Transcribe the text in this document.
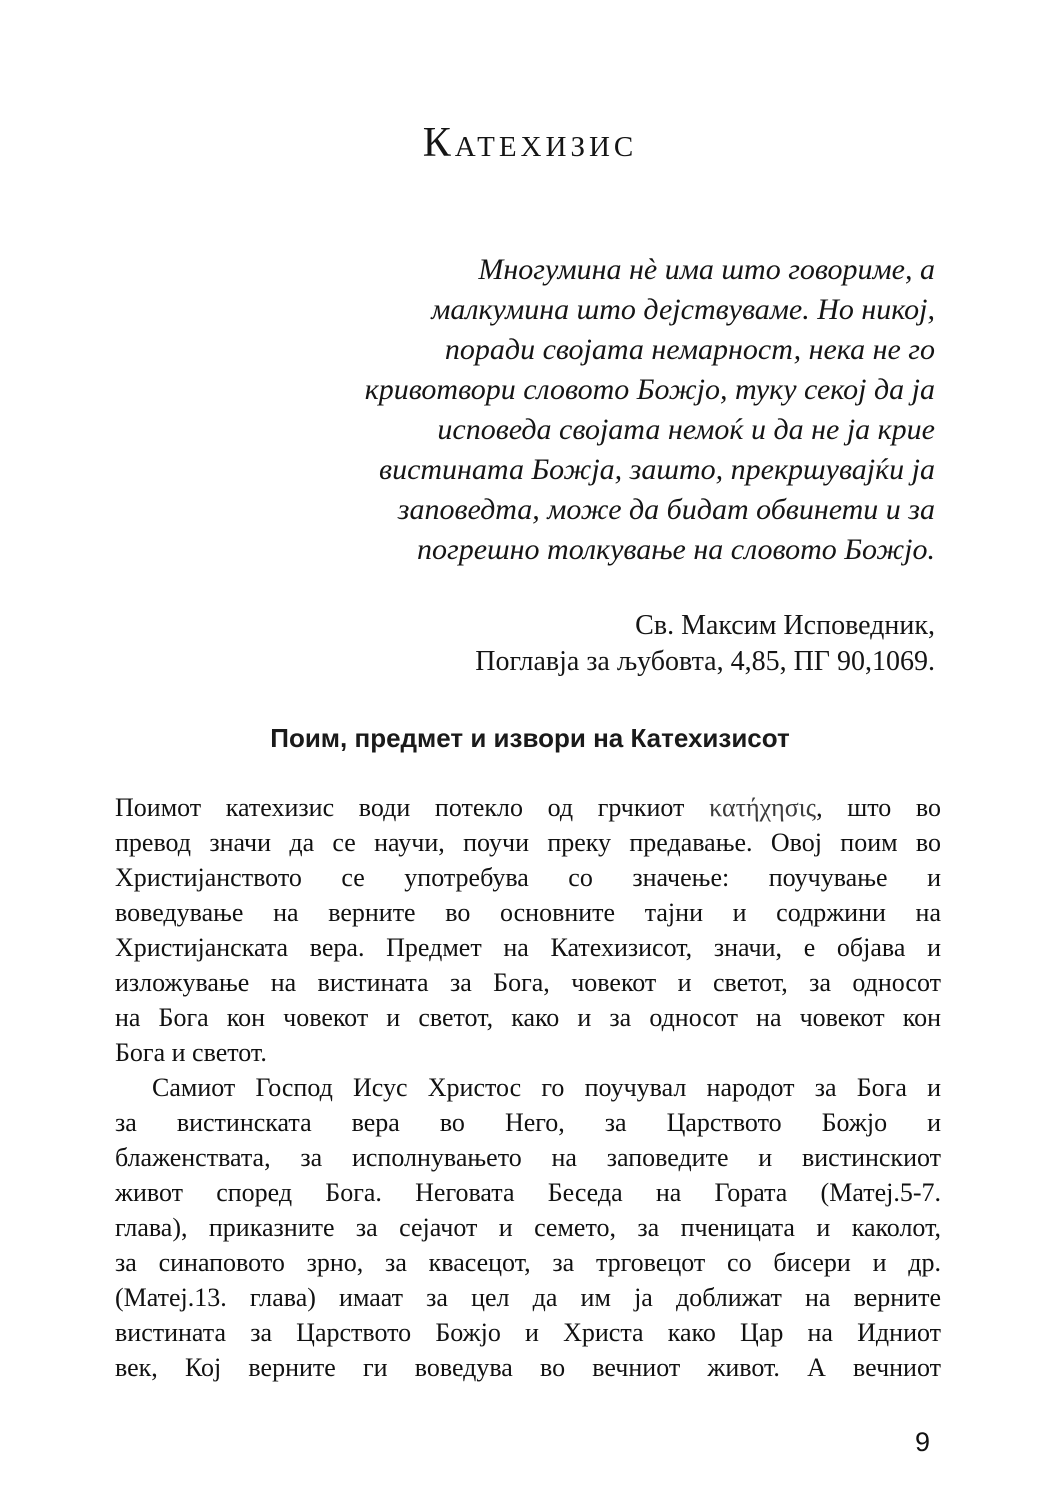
Катехизис
Многумина нѐ има што говориме, а
малкумина што дејствуваме. Но никој,
поради својата немарност, нека не го
кривотвори словото Божјо, туку секој да ја
исповеда својата немоќ и да не ја крие
вистината Божја, зашто, прекршувајќи ја
заповедта, може да бидат обвинети и за
погрешно толкување на словото Божјо.
Св. Максим Исповедник,
Поглавја за љубовта, 4,85, ПГ 90,1069.
Поим, предмет и извори на Катехизисот
Поимот катехизис води потекло од грчкиот κατήχησις, што во
превод значи да се научи, поучи преку предавање. Овој поим во
Христијанството се употребува со значење: поучување и
воведување на верните во основните тајни и содржини на
Христијанската вера. Предмет на Катехизисот, значи, е објава и
изложување на вистината за Бога, човекот и светот, за односот
на Бога кон човекот и светот, како и за односот на човекот кон
Бога и светот.
Самиот Господ Исус Христос го поучувал народот за Бога и
за вистинската вера во Него, за Царството Божјо и
блаженствата, за исполнувањето на заповедите и вистинскиот
живот според Бога. Неговата Беседа на Гората (Матеј.5-7.
глава), приказните за сејачот и семето, за пченицата и каколот,
за синаповото зрно, за квасецот, за трговецот со бисери и др.
(Матеј.13. глава) имаат за цел да им ја доближат на верните
вистината за Царството Божјо и Христа како Цар на Идниот
век, Кој верните ги воведува во вечниот живот. А вечниот
9
